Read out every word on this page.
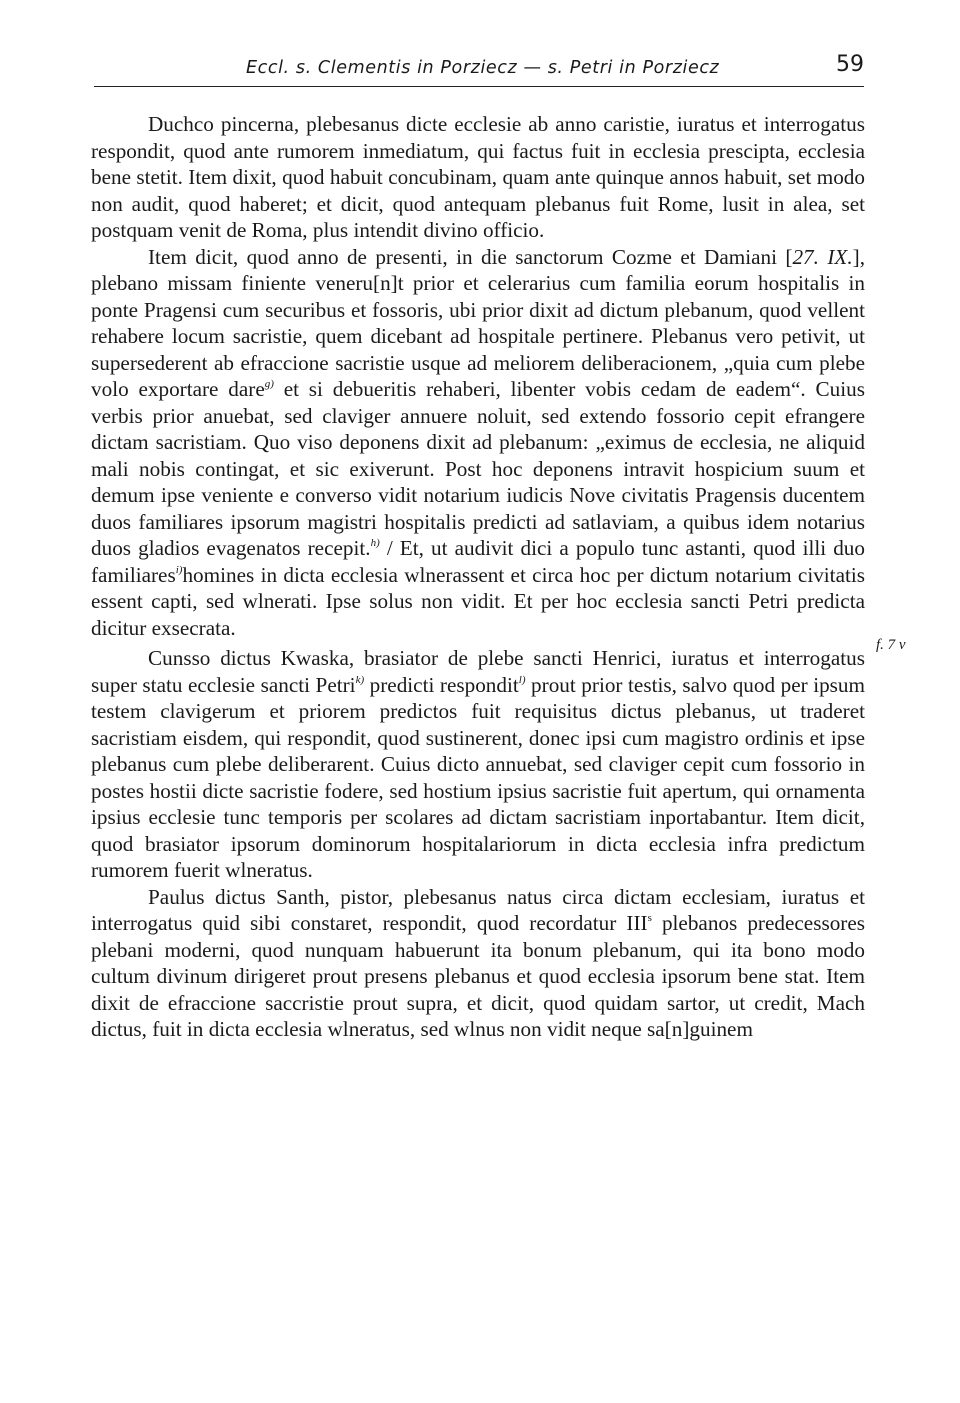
Eccl. s. Clementis in Porziecz — s. Petri in Porziecz	59

Duchco pincerna, plebesanus dicte ecclesie ab anno caristie, iuratus et interrogatus respondit, quod ante rumorem inmediatum, qui factus fuit in ecclesia prescipta, ecclesia bene stetit. Item dixit, quod habuit concubinam, quam ante quinque annos habuit, set modo non audit, quod haberet; et dicit, quod antequam plebanus fuit Rome, lusit in alea, set postquam venit de Roma, plus intendit divino officio.

Item dicit, quod anno de presenti, in die sanctorum Cozme et Damiani [27. IX.], plebano missam finiente veneru[n]t prior et celerarius cum familia eorum hospitalis in ponte Pragensi cum securibus et fossoris, ubi prior dixit ad dictum plebanum, quod vellent rehabere locum sacristie, quem dicebant ad hospitale pertinere. Plebanus vero petivit, ut supersederent ab efraccione sacristie usque ad meliorem deliberacionem, „quia cum plebe volo exportare dare$^{g)}$ et si debueritis rehaberi, libenter vobis cedam de eadem“. Cuius verbis prior anuebat, sed claviger annuere noluit, sed extendo fossorio cepit efrangere dictam sacristiam. Quo viso deponens dixit ad plebanum: „eximus de ecclesia, ne aliquid mali nobis contingat, et sic exiverunt. Post hoc deponens intravit hospicium suum et demum ipse veniente e converso vidit notarium iudicis Nove civitatis Pragensis ducentem duos familiares ipsorum magistri hospitalis predicti ad satlaviam, a quibus idem notarius duos gladios evagenatos recepit.$^{h)}$ / Et, ut audivit dici a populo tunc astanti, quod illi duo familiares$^{i)}$homines in dicta ecclesia wlnerassent et circa hoc per dictum notarium civitatis essent capti, sed wlnerati. Ipse solus non vidit. Et per hoc ecclesia sancti Petri predicta dicitur exsecrata.

Cunsso dictus Kwaska, brasiator de plebe sancti Henrici, iuratus et interrogatus super statu ecclesie sancti Petri$^{k)}$ predicti respondit$^{l)}$ prout prior testis, salvo quod per ipsum testem clavigerum et priorem predictos fuit requisitus dictus plebanus, ut traderet sacristiam eisdem, qui respondit, quod sustinerent, donec ipsi cum magistro ordinis et ipse plebanus cum plebe deliberarent. Cuius dicto annuebat, sed claviger cepit cum fossorio in postes hostii dicte sacristie fodere, sed hostium ipsius sacristie fuit apertum, qui ornamenta ipsius ecclesie tunc temporis per scolares ad dictam sacristiam inportabantur. Item dicit, quod brasiator ipsorum dominorum hospitalariorum in dicta ecclesia infra predictum rumorem fuerit wlneratus.

Paulus dictus Santh, pistor, plebesanus natus circa dictam ecclesiam, iuratus et interrogatus quid sibi constaret, respondit, quod recordatur III$^s$ plebanos predecessores plebani moderni, quod nunquam habuerunt ita bonum plebanum, qui ita bono modo cultum divinum dirigeret prout presens plebanus et quod ecclesia ipsorum bene stat. Item dixit de efraccione saccristie prout supra, et dicit, quod quidam sartor, ut credit, Mach dictus, fuit in dicta ecclesia wlneratus, sed wlnus non vidit neque sa[n]guinem

f. 7 v
